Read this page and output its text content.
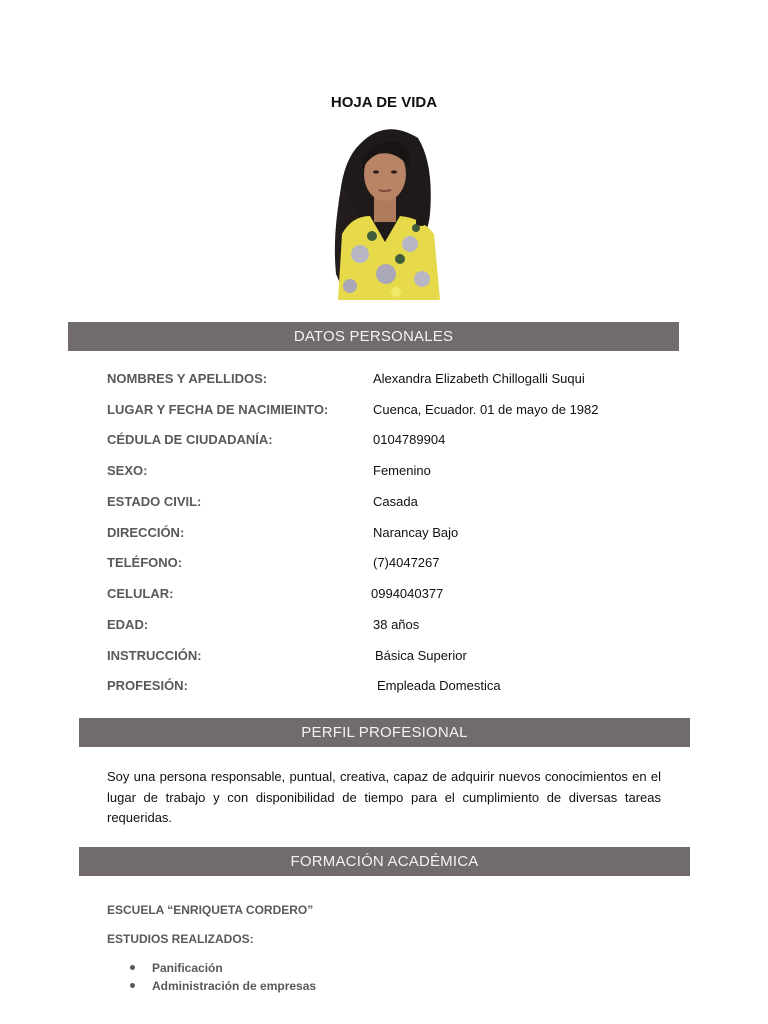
HOJA DE VIDA
DATOS PERSONALES
NOMBRES Y APELLIDOS:	Alexandra Elizabeth Chillogalli Suqui
LUGAR Y FECHA DE NACIMIEINTO:	Cuenca, Ecuador. 01 de mayo de 1982
CÉDULA DE CIUDADANÍA:	0104789904
SEXO:	Femenino
ESTADO CIVIL:	Casada
DIRECCIÓN:	Narancay Bajo
TELÉFONO:	(7)4047267
CELULAR:	0994040377
EDAD:	38 años
INSTRUCCIÓN:	Básica Superior
PROFESIÓN:	Empleada Domestica
PERFIL PROFESIONAL
Soy una persona responsable, puntual, creativa, capaz de adquirir nuevos conocimientos en el lugar de trabajo y con disponibilidad de tiempo para el cumplimiento de diversas tareas requeridas.
FORMACIÓN ACADÉMICA
ESCUELA “ENRIQUETA CORDERO”
ESTUDIOS REALIZADOS:
Panificación
Administración de empresas
